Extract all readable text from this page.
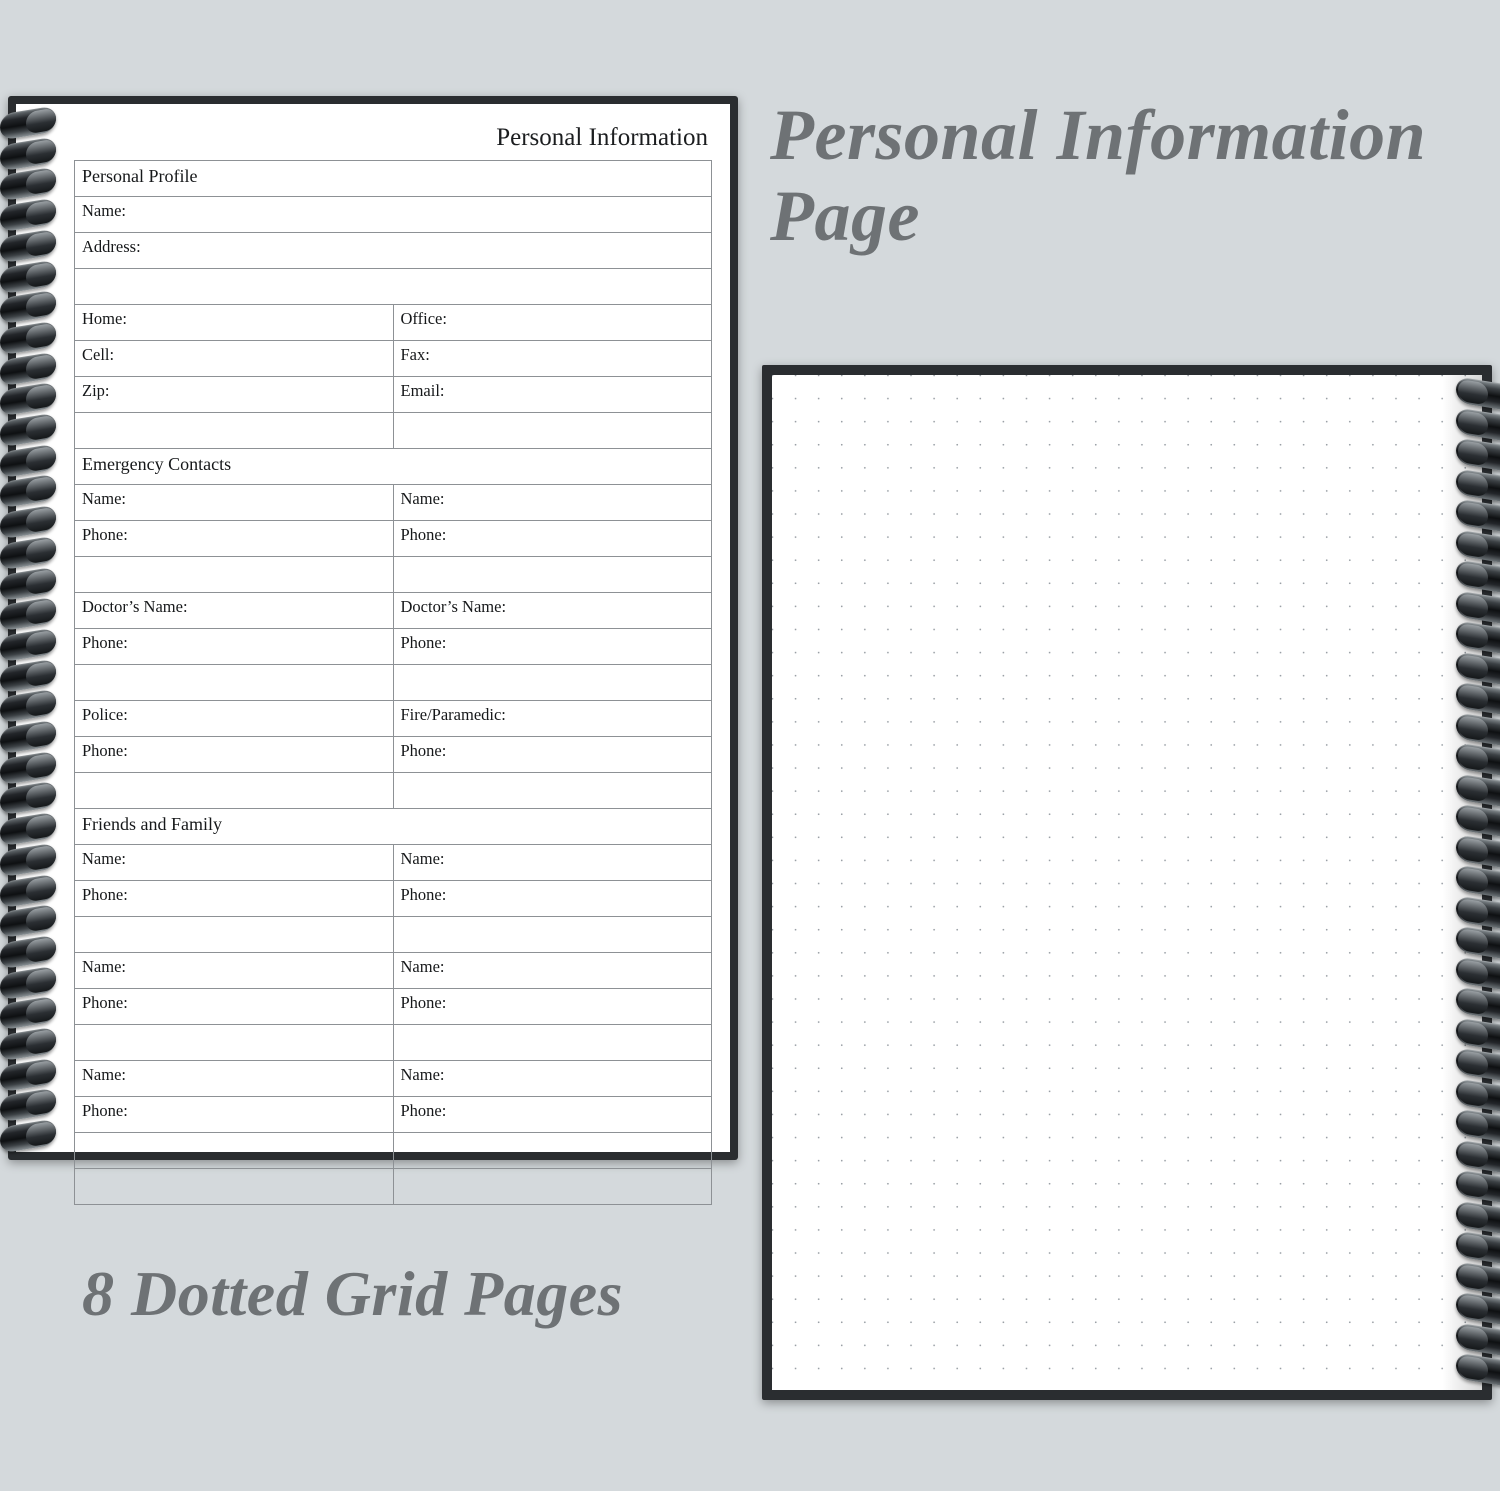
Personal Information Page
8 Dotted Grid Pages
Personal Information
Personal Profile	
Name:	
Address:	

Home:	Office:
Cell:	Fax:
Zip:	Email:

Emergency Contacts	
Name:	Name:
Phone:	Phone:

Doctor’s Name:	Doctor’s Name:
Phone:	Phone:

Police:	Fire/Paramedic:
Phone:	Phone:

Friends and Family	
Name:	Name:
Phone:	Phone:

Name:	Name:
Phone:	Phone:

Name:	Name:
Phone:	Phone:
